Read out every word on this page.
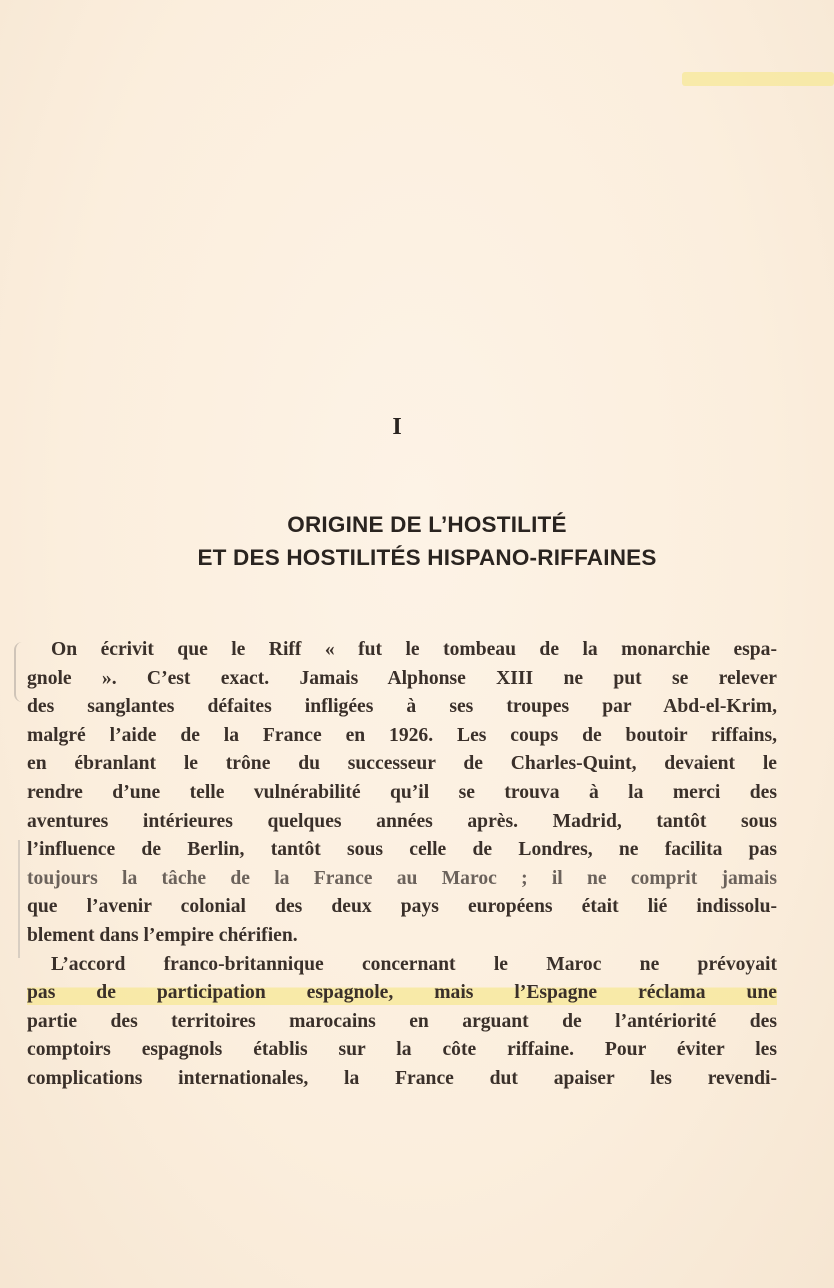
I
ORIGINE DE L’HOSTILITÉ
ET DES HOSTILITÉS HISPANO-RIFFAINES
On écrivit que le Riff « fut le tombeau de la monarchie espa-
gnole ». C’est exact. Jamais Alphonse XIII ne put se relever
des sanglantes défaites infligées à ses troupes par Abd-el-Krim,
malgré l’aide de la France en 1926. Les coups de boutoir riffains,
en ébranlant le trône du successeur de Charles-Quint, devaient le
rendre d’une telle vulnérabilité qu’il se trouva à la merci des
aventures intérieures quelques années après. Madrid, tantôt sous
l’influence de Berlin, tantôt sous celle de Londres, ne facilita pas
toujours la tâche de la France au Maroc ; il ne comprit jamais
que l’avenir colonial des deux pays européens était lié indissolu-
blement dans l’empire chérifien.
L’accord franco-britannique concernant le Maroc ne prévoyait
pas de participation espagnole, mais l’Espagne réclama une
partie des territoires marocains en arguant de l’antériorité des
comptoirs espagnols établis sur la côte riffaine. Pour éviter les
complications internationales, la France dut apaiser les revendi-
